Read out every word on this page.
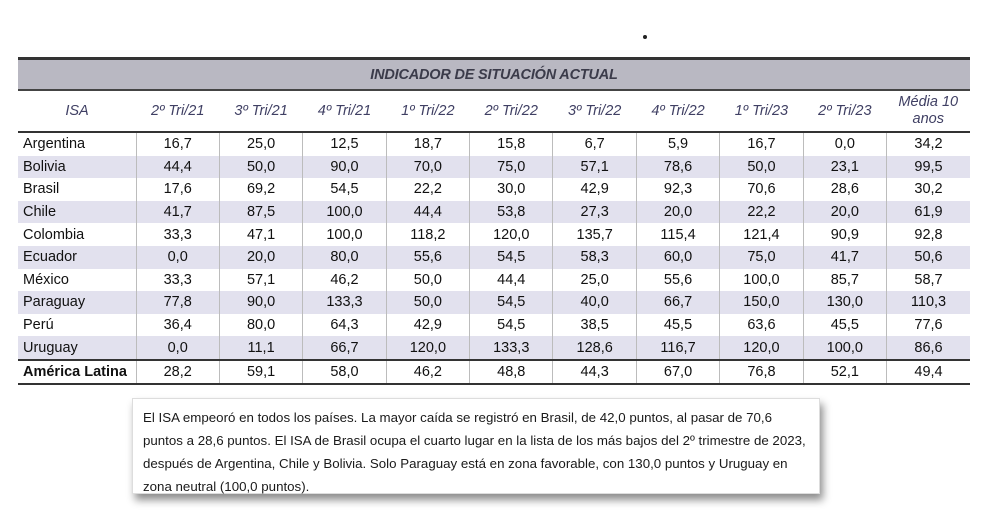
INDICADOR DE SITUACIÓN ACTUAL
ISA	2º Tri/21	3º Tri/21	4º Tri/21	1º Tri/22	2º Tri/22	3º Tri/22	4º Tri/22	1º Tri/23	2º Tri/23	Média 10 anos
Argentina	16,7	25,0	12,5	18,7	15,8	6,7	5,9	16,7	0,0	34,2
Bolivia	44,4	50,0	90,0	70,0	75,0	57,1	78,6	50,0	23,1	99,5
Brasil	17,6	69,2	54,5	22,2	30,0	42,9	92,3	70,6	28,6	30,2
Chile	41,7	87,5	100,0	44,4	53,8	27,3	20,0	22,2	20,0	61,9
Colombia	33,3	47,1	100,0	118,2	120,0	135,7	115,4	121,4	90,9	92,8
Ecuador	0,0	20,0	80,0	55,6	54,5	58,3	60,0	75,0	41,7	50,6
México	33,3	57,1	46,2	50,0	44,4	25,0	55,6	100,0	85,7	58,7
Paraguay	77,8	90,0	133,3	50,0	54,5	40,0	66,7	150,0	130,0	110,3
Perú	36,4	80,0	64,3	42,9	54,5	38,5	45,5	63,6	45,5	77,6
Uruguay	0,0	11,1	66,7	120,0	133,3	128,6	116,7	120,0	100,0	86,6
América Latina	28,2	59,1	58,0	46,2	48,8	44,3	67,0	76,8	52,1	49,4
El ISA empeoró en todos los países. La mayor caída se registró en Brasil, de 42,0 puntos, al pasar de 70,6 puntos a 28,6 puntos. El ISA de Brasil ocupa el cuarto lugar en la lista de los más bajos del 2º trimestre de 2023, después de Argentina, Chile y Bolivia. Solo Paraguay está en zona favorable, con 130,0 puntos y Uruguay en zona neutral (100,0 puntos).
